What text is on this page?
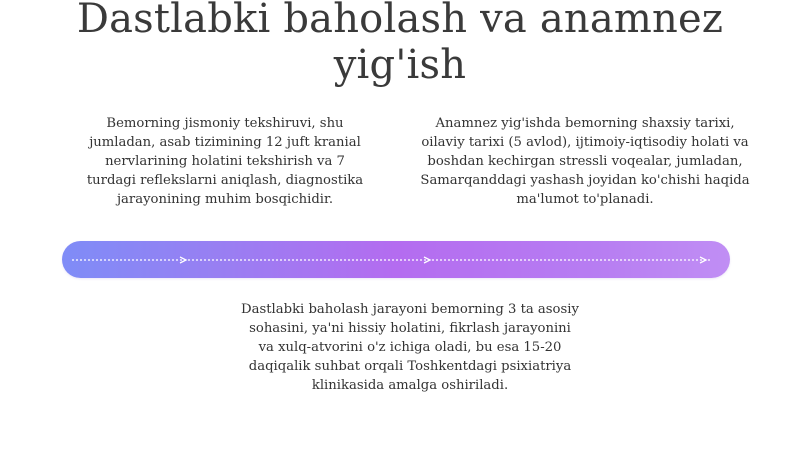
Dastlabki baholash va anamnez yig'ish

Bemorning jismoniy tekshiruvi, shu jumladan, asab tizimining 12 juft kranial nervlarining holatini tekshirish va 7 turdagi reflekslarni aniqlash, diagnostika jarayonining muhim bosqichidir.

Anamnez yig'ishda bemorning shaxsiy tarixi, oilaviy tarixi (5 avlod), ijtimoiy-iqtisodiy holati va boshdan kechirgan stressli voqealar, jumladan, Samarqanddagi yashash joyidan ko'chishi haqida ma'lumot to'planadi.

Dastlabki baholash jarayoni bemorning 3 ta asosiy sohasini, ya'ni hissiy holatini, fikrlash jarayonini va xulq-atvorini o'z ichiga oladi, bu esa 15-20 daqiqalik suhbat orqali Toshkentdagi psixiatriya klinikasida amalga oshiriladi.
